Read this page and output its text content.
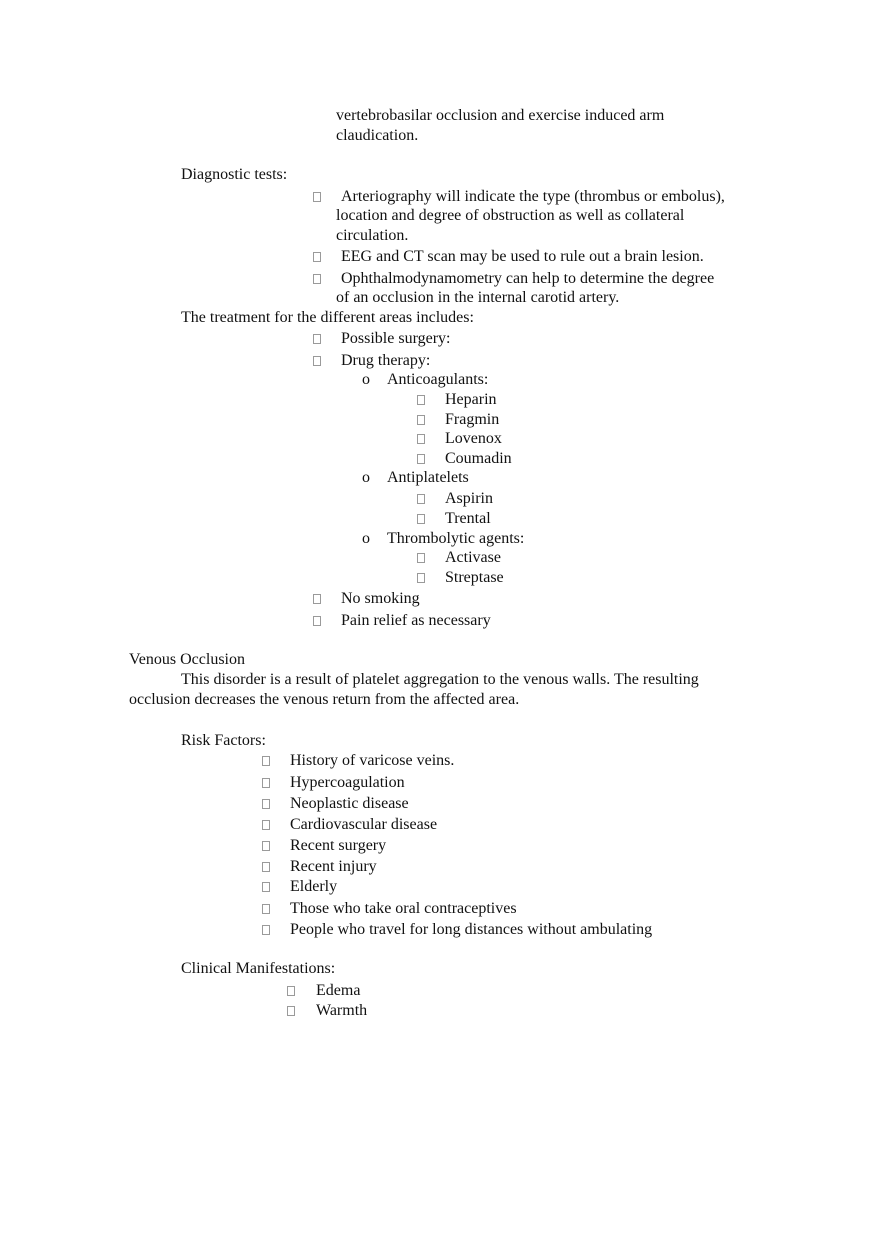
vertebrobasilar occlusion and exercise induced arm
claudication.
Diagnostic tests:
Arteriography will indicate the type (thrombus or embolus),
location and degree of obstruction as well as collateral
circulation.
EEG and CT scan may be used to rule out a brain lesion.
Ophthalmodynamometry can help to determine the degree
of an occlusion in the internal carotid artery.
The treatment for the different areas includes:
Possible surgery:
Drug therapy:
o Anticoagulants:
Heparin
Fragmin
Lovenox
Coumadin
o Antiplatelets
Aspirin
Trental
o Thrombolytic agents:
Activase
Streptase
No smoking
Pain relief as necessary
Venous Occlusion
This disorder is a result of platelet aggregation to the venous walls. The resulting
occlusion decreases the venous return from the affected area.
Risk Factors:
History of varicose veins.
Hypercoagulation
Neoplastic disease
Cardiovascular disease
Recent surgery
Recent injury
Elderly
Those who take oral contraceptives
People who travel for long distances without ambulating
Clinical Manifestations:
Edema
Warmth
